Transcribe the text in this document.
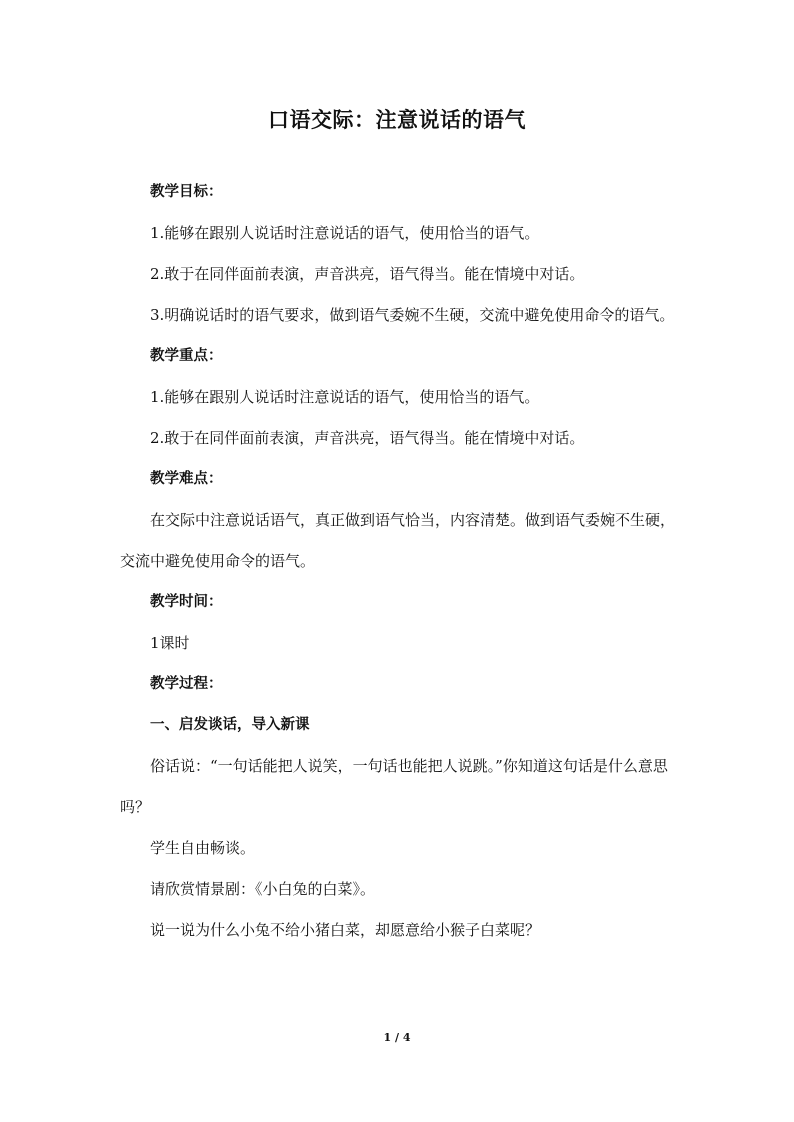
口语交际：注意说话的语气

教学目标：

1.能够在跟别人说话时注意说话的语气，使用恰当的语气。

2.敢于在同伴面前表演，声音洪亮，语气得当。能在情境中对话。

3.明确说话时的语气要求，做到语气委婉不生硬，交流中避免使用命令的语气。

教学重点：

1.能够在跟别人说话时注意说话的语气，使用恰当的语气。

2.敢于在同伴面前表演，声音洪亮，语气得当。能在情境中对话。

教学难点：

在交际中注意说话语气，真正做到语气恰当，内容清楚。做到语气委婉不生硬，交流中避免使用命令的语气。

教学时间：

1课时

教学过程：

一、启发谈话，导入新课

俗话说：“一句话能把人说笑，一句话也能把人说跳。”你知道这句话是什么意思吗？

学生自由畅谈。

请欣赏情景剧：《小白兔的白菜》。

说一说为什么小兔不给小猪白菜，却愿意给小猴子白菜呢？

1 / 4
